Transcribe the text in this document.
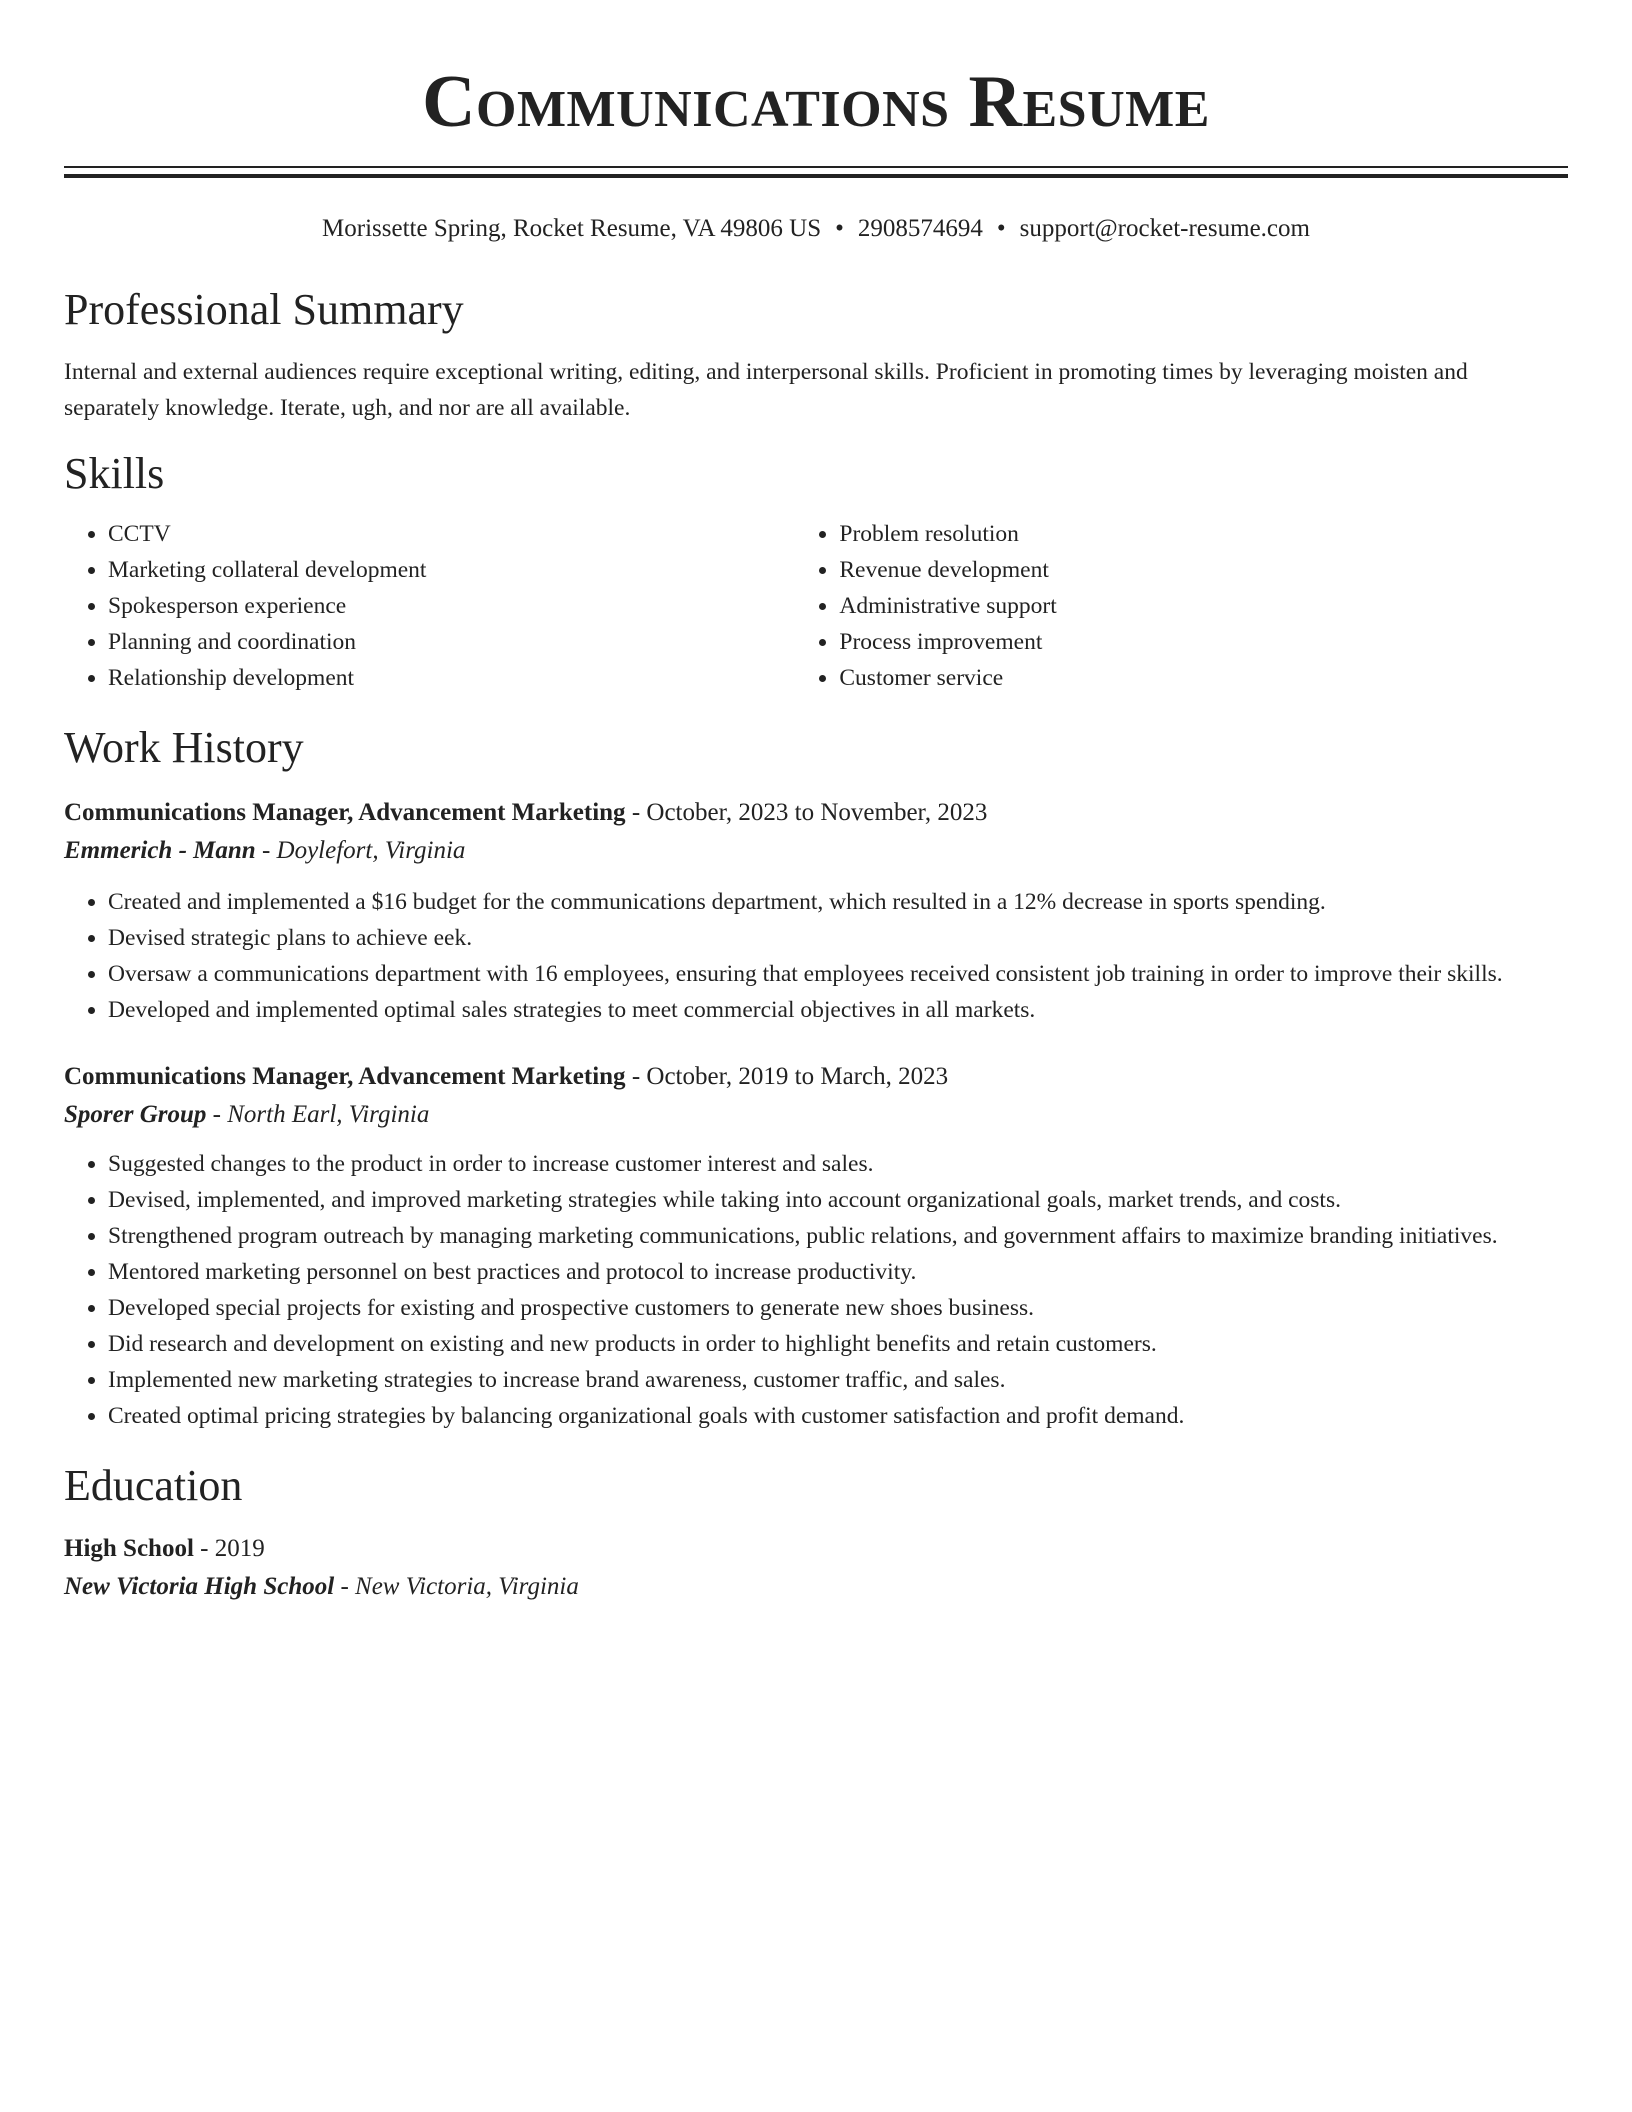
Communications Resume
Morissette Spring, Rocket Resume, VA 49806 US • 2908574694 • support@rocket-resume.com
Professional Summary

Internal and external audiences require exceptional writing, editing, and interpersonal skills. Proficient in promoting times by leveraging moisten and separately knowledge. Iterate, ugh, and nor are all available.

Skills
• CCTV
• Marketing collateral development
• Spokesperson experience
• Planning and coordination
• Relationship development
• Problem resolution
• Revenue development
• Administrative support
• Process improvement
• Customer service
Work History

Communications Manager, Advancement Marketing - October, 2023 to November, 2023

Emmerich - Mann - Doylefort, Virginia

• Created and implemented a $16 budget for the communications department, which resulted in a 12% decrease in sports spending.
• Devised strategic plans to achieve eek.
• Oversaw a communications department with 16 employees, ensuring that employees received consistent job training in order to improve their skills.
• Developed and implemented optimal sales strategies to meet commercial objectives in all markets.

Communications Manager, Advancement Marketing - October, 2019 to March, 2023

Sporer Group - North Earl, Virginia

• Suggested changes to the product in order to increase customer interest and sales.
• Devised, implemented, and improved marketing strategies while taking into account organizational goals, market trends, and costs.
• Strengthened program outreach by managing marketing communications, public relations, and government affairs to maximize branding initiatives.
• Mentored marketing personnel on best practices and protocol to increase productivity.
• Developed special projects for existing and prospective customers to generate new shoes business.
• Did research and development on existing and new products in order to highlight benefits and retain customers.
• Implemented new marketing strategies to increase brand awareness, customer traffic, and sales.
• Created optimal pricing strategies by balancing organizational goals with customer satisfaction and profit demand.
Education

High School - 2019

New Victoria High School - New Victoria, Virginia
